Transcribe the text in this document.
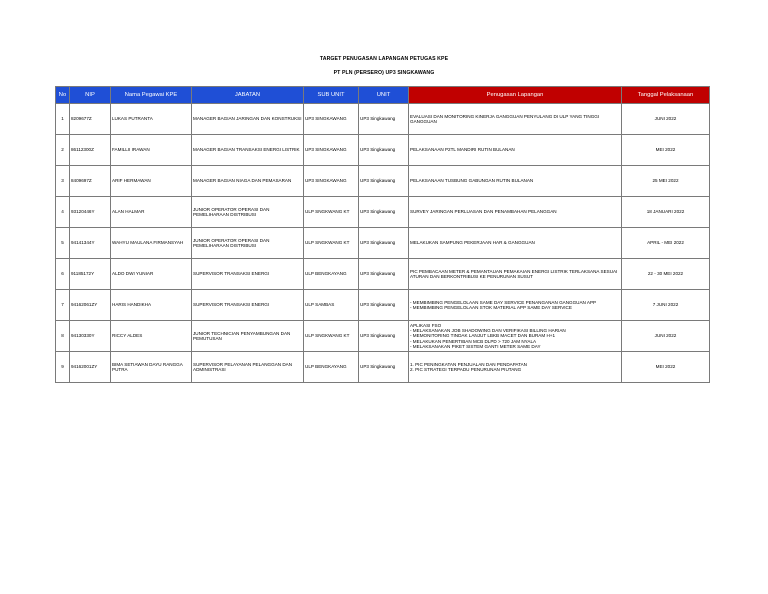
TARGET PENUGASAN LAPANGAN PETUGAS KPE
PT PLN (PERSERO) UP3 SINGKAWANG
No	NIP	Nama Pegawai KPE	JABATAN	SUB UNIT	UNIT	Penugasan Lapangan	Tanggal Pelaksanaan
1	8209677Z	LUKAS PUTRANTA	MANAGER BAGIAN JARINGAN DAN KONSTRUKSI	UP3 SINGKAWANG	UP3 Singkawang	EVALUASI DAN MONITORING KINERJA GANGGUAN PENYULANG DI ULP YANG TINGGI GANGGUAN	JUNI 2022
2	86112300Z	FAMILLII IRAWAN	MANAGER BAGIAN TRANSAKSI ENERGI LISTRIK	UP3 SINGKAWANG	UP3 Singkawang	PELAKSANAAN P2TL MANDIRI RUTIN BULANAN	MEI 2022
3	8409697Z	ARIF HERMAWAN	MANAGER BAGIAN NIAGA DAN PEMASARAN	UP3 SINGKAWANG	UP3 Singkawang	PELAKSANAAN TUSBUNG GABUNGAN RUTIN BULANAN	25 MEI 2022
4	93120446Y	ALAN HALMAR	JUNIOR OPERATOR OPERASI DAN PEMELIHARAAN DISTRIBUSI	ULP SNGKWANG KT	UP3 Singkawang	SURVEY JARINGAN PERLUASAN DAN PENAMBAHAN PELANGGAN	18 JANUARI 2022
5	94141344Y	WAHYU MAULANA FIRMANSYAH	JUNIOR OPERATOR OPERASI DAN PEMELIHARAAN DISTRIBUSI	ULP SNGKWANG KT	UP3 Singkawang	MELAKUKAN SAMPUNG PEKERJAAN HAR & GANGGUAN	APRIL - MEI 2022
6	91185172Y	ALDO DWI YUNIAR	SUPERVISOR TRANSAKSI ENERGI	ULP BENGKAYANG	UP3 Singkawang	PIC PEMBACAAN METER & PEMANTAUAN PEMAKAIAN ENERGI LISTRIK TERLAKSANA SESUAI ATURAN DAN BERKONTRIBUSI KE PENURUNAN SUSUT	22 - 30 MEI 2022
7	94162061ZY	HARIS HANDIKHA	SUPERVISOR TRANSAKSI ENERGI	ULP SAMBAS	UP3 Singkawang	- MEMBIMBING PENGELOLAAN SAME DAY SERVICE PENANGANAN GANGGUAN APP
- MEMBIMBING PENGELOLAAN STOK MATERIAL APP SAME DAY SERVICE	7 JUNI 2022
8	94130330Y	RICCY ALDES	JUNIOR TECHNICIAN PENYAMBUNGAN DAN PEMUTUSAN	ULP SNGKWANG KT	UP3 Singkawang	APLIKASI FSO
- MELAKSANAKAN JOB SHADOWING DAN VERIFIKASI BILLING HARIAN
- MEMONITORING TINDAK LANJUT LBKB MACET DAN BURAM H+1
- MELAKUKAN PENERTIBAN MCB DLPD > 720 JAM NYALA
- MELAKSANAKAN PIKET SISTEM GANTI METER SAME DAY	JUNI 2022
9	94162001ZY	BIMA SETIAWAN DAYU RANGGA PUTRA	SUPERVISOR PELAYANAN PELANGGAN DAN ADMINISTRASI	ULP BENGKAYANG	UP3 Singkawang	1. PIC PENINGKATAN PENJUALAN DAN PENDAPATAN
2. PIC STRATEGI TERPADU PENURUNAN PIUTANG	MEI 2022
